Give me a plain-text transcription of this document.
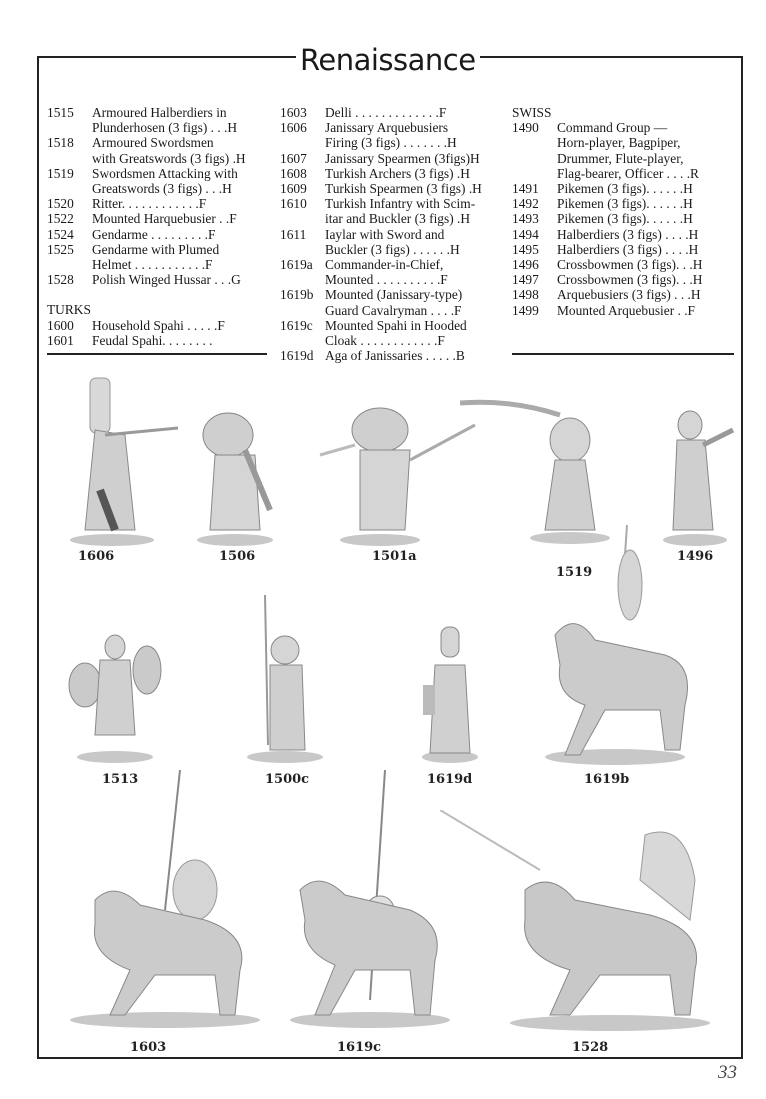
Renaissance
1515	Armoured Halberdiers in
Plunderhosen (3 figs) . . .H
1518	Armoured Swordsmen
with Greatswords (3 figs) .H
1519	Swordsmen Attacking with
Greatswords (3 figs) . . .H
1520	Ritter. . . . . . . . . . . .F
1522	Mounted Harquebusier . .F
1524	Gendarme . . . . . . . . .F
1525	Gendarme with Plumed
Helmet . . . . . . . . . . .F
1528	Polish Winged Hussar . . .G
TURKS
1600	Household Spahi . . . . .F
1601	Feudal Spahi. . . . . . . .
1603	Delli . . . . . . . . . . . . .F
1606	Janissary Arquebusiers
Firing (3 figs) . . . . . . .H
1607	Janissary Spearmen (3figs)H
1608	Turkish Archers (3 figs) .H
1609	Turkish Spearmen (3 figs) .H
1610	Turkish Infantry with Scim-
itar and Buckler (3 figs) .H
1611	Iaylar with Sword and
Buckler (3 figs) . . . . . .H
1619a Commander-in-Chief,
Mounted . . . . . . . . . .F
1619b Mounted (Janissary-type)
Guard Cavalryman . . . .F
1619c Mounted Spahi in Hooded
Cloak . . . . . . . . . . . .F
1619d Aga of Janissaries . . . . .B
SWISS
1490	Command Group —
Horn-player, Bagpiper,
Drummer, Flute-player,
Flag-bearer, Officer . . . .R
1491	Pikemen (3 figs). . . . . .H
1492	Pikemen (3 figs). . . . . .H
1493	Pikemen (3 figs). . . . . .H
1494	Halberdiers (3 figs) . . . .H
1495	Halberdiers (3 figs) . . . .H
1496	Crossbowmen (3 figs). . .H
1497	Crossbowmen (3 figs). . .H
1498	Arquebusiers (3 figs) . . .H
1499	Mounted Arquebusier . .F
1606	1506	1501a
1519
1496
1513	1500c	1619d	1619b
1603	1619c	1528
33
